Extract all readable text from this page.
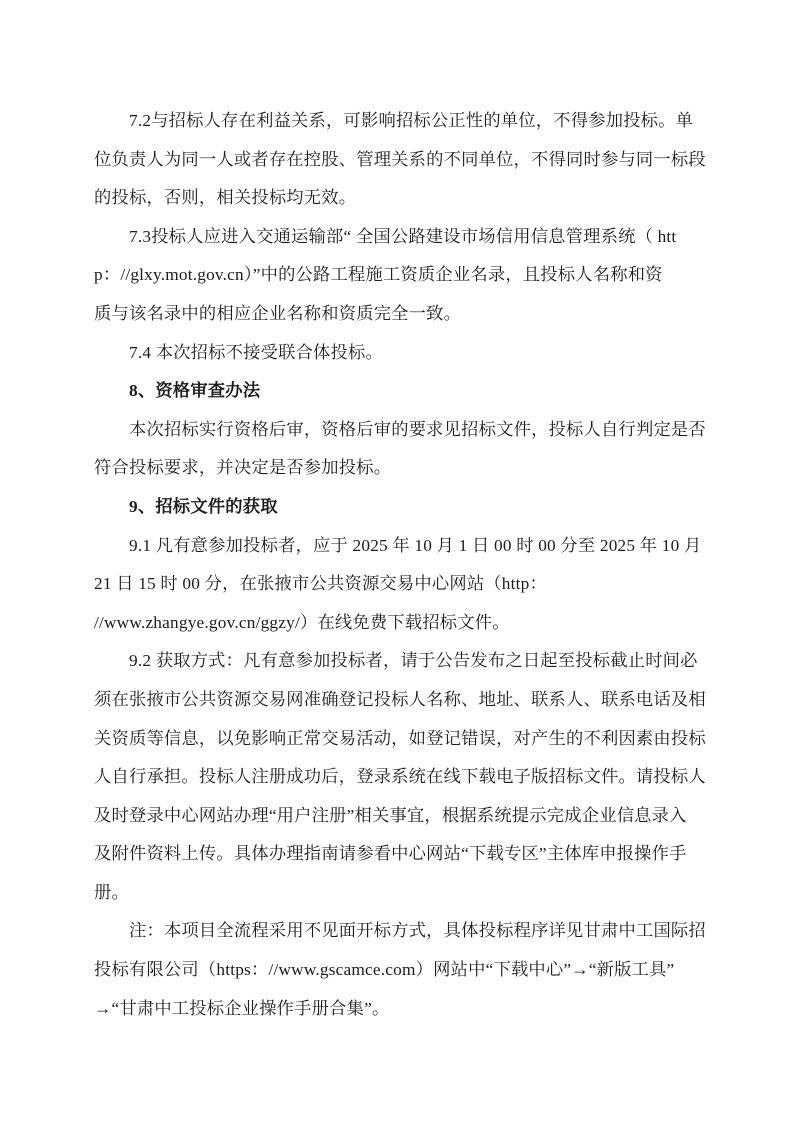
7.2与招标人存在利益关系，可影响招标公正性的单位，不得参加投标。单
位负责人为同一人或者存在控股、管理关系的不同单位，不得同时参与同一标段
的投标，否则，相关投标均无效。
7.3投标人应进入交通运输部“ 全国公路建设市场信用信息管理系统（ htt
p：//glxy.mot.gov.cn）”中的公路工程施工资质企业名录，且投标人名称和资
质与该名录中的相应企业名称和资质完全一致。
7.4 本次招标不接受联合体投标。
8、资格审查办法
本次招标实行资格后审，资格后审的要求见招标文件，投标人自行判定是否
符合投标要求，并决定是否参加投标。
9、招标文件的获取
9.1 凡有意参加投标者，应于 2025 年 10 月 1 日 00 时 00 分至 2025 年 10 月
21 日 15 时 00 分，在张掖市公共资源交易中心网站（http：
//www.zhangye.gov.cn/ggzy/）在线免费下载招标文件。
9.2 获取方式：凡有意参加投标者，请于公告发布之日起至投标截止时间必
须在张掖市公共资源交易网准确登记投标人名称、地址、联系人、联系电话及相
关资质等信息，以免影响正常交易活动，如登记错误，对产生的不利因素由投标
人自行承担。投标人注册成功后，登录系统在线下载电子版招标文件。请投标人
及时登录中心网站办理“用户注册”相关事宜，根据系统提示完成企业信息录入
及附件资料上传。具体办理指南请参看中心网站“下载专区”主体库申报操作手
册。
注：本项目全流程采用不见面开标方式，具体投标程序详见甘肃中工国际招
投标有限公司（https：//www.gscamce.com）网站中“下载中心”→“新版工具”
→“甘肃中工投标企业操作手册合集”。
